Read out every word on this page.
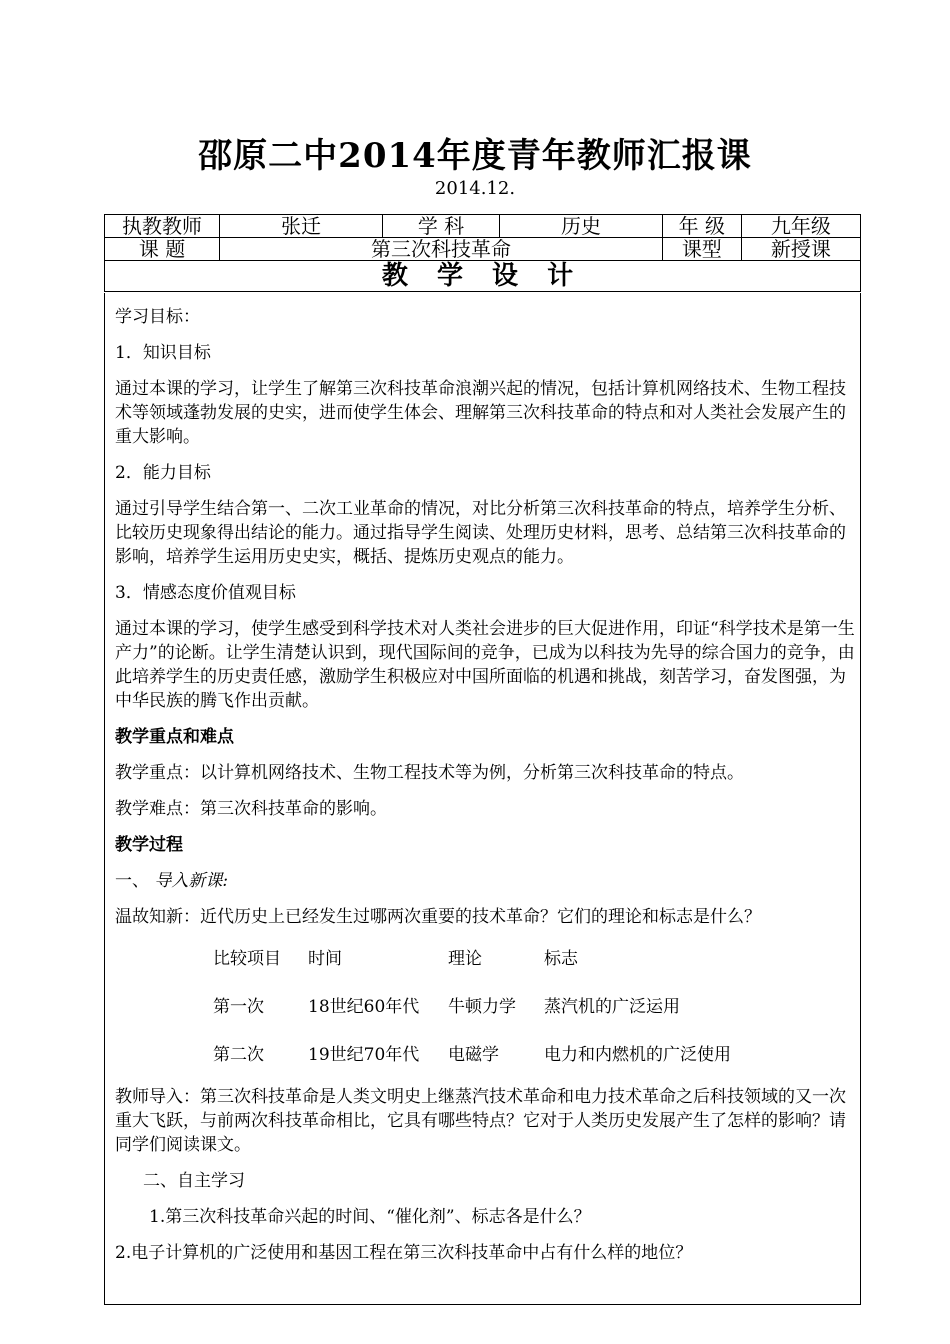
邵原二中2014年度青年教师汇报课
2014.12.
执教教师	张迁	学 科	历史	年 级	九年级
课 题	第三次科技革命			课型	新授课
教 学 设 计					

学习目标：

1．知识目标

通过本课的学习，让学生了解第三次科技革命浪潮兴起的情况，包括计算机网络技术、生物工程技术等领域蓬勃发展的史实，进而使学生体会、理解第三次科技革命的特点和对人类社会发展产生的重大影响。

2．能力目标

通过引导学生结合第一、二次工业革命的情况，对比分析第三次科技革命的特点，培养学生分析、比较历史现象得出结论的能力。通过指导学生阅读、处理历史材料，思考、总结第三次科技革命的影响，培养学生运用历史史实，概括、提炼历史观点的能力。

3．情感态度价值观目标

通过本课的学习，使学生感受到科学技术对人类社会进步的巨大促进作用，印证“科学技术是第一生产力”的论断。让学生清楚认识到，现代国际间的竞争，已成为以科技为先导的综合国力的竞争，由此培养学生的历史责任感，激励学生积极应对中国所面临的机遇和挑战，刻苦学习，奋发图强，为中华民族的腾飞作出贡献。

教学重点和难点

教学重点：以计算机网络技术、生物工程技术等为例，分析第三次科技革命的特点。

教学难点：第三次科技革命的影响。

教学过程

一、 导入新课:

温故知新：近代历史上已经发生过哪两次重要的技术革命？它们的理论和标志是什么？

比较项目	时间	理论	标志
第一次	18世纪60年代	牛顿力学	蒸汽机的广泛运用
第二次	19世纪70年代	电磁学	电力和内燃机的广泛使用

教师导入：第三次科技革命是人类文明史上继蒸汽技术革命和电力技术革命之后科技领域的又一次重大飞跃，与前两次科技革命相比，它具有哪些特点？它对于人类历史发展产生了怎样的影响？请同学们阅读课文。

二、自主学习

1.第三次科技革命兴起的时间、“催化剂”、标志各是什么？

2.电子计算机的广泛使用和基因工程在第三次科技革命中占有什么样的地位？
